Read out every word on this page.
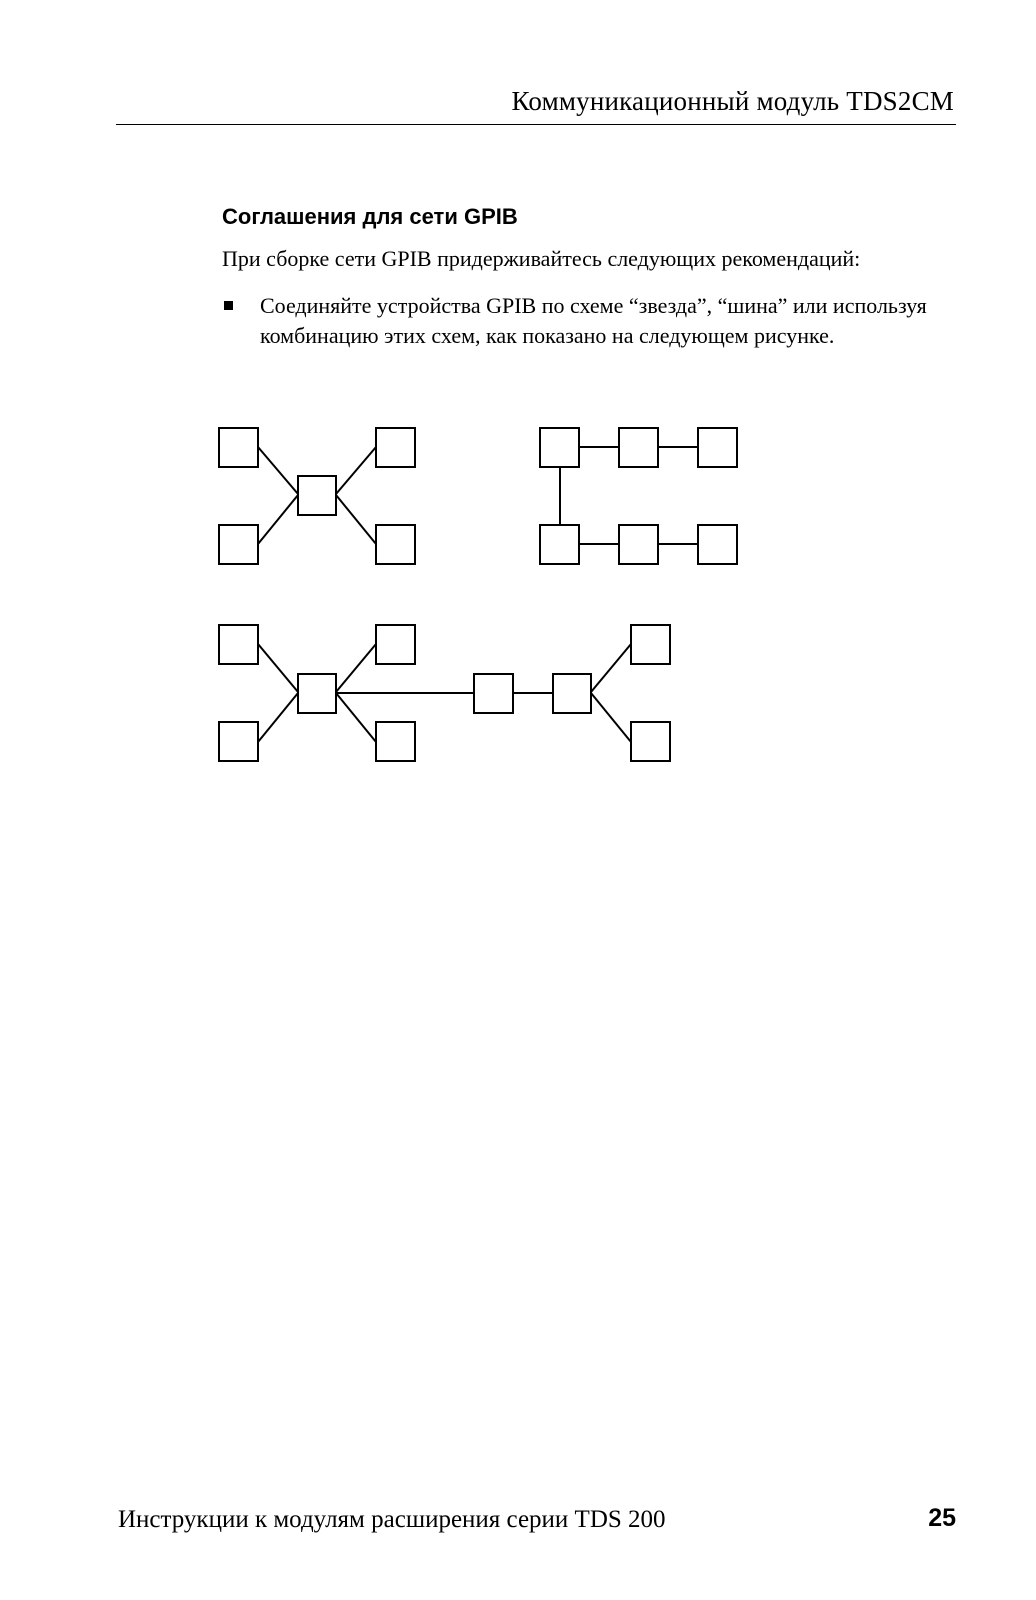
Коммуникационный модуль TDS2CM
Соглашения для сети GPIB

При сборке сети GPIB придерживайтесь следующих рекомендаций:

Соединяйте устройства GPIB по схеме “звезда”, “шина” или используя комбинацию этих схем, как показано на следующем рисунке.
Инструкции к модулям расширения серии TDS 200	25
